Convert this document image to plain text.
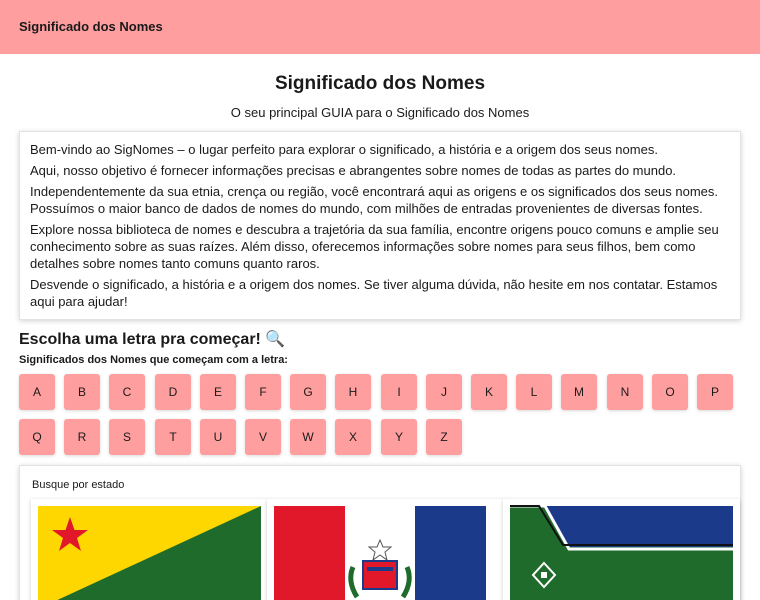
Significado dos Nomes
Significado dos Nomes
O seu principal GUIA para o Significado dos Nomes

Bem-vindo ao SigNomes – o lugar perfeito para explorar o significado, a história e a origem dos seus nomes.

Aqui, nosso objetivo é fornecer informações precisas e abrangentes sobre nomes de todas as partes do mundo.

Independentemente da sua etnia, crença ou região, você encontrará aqui as origens e os significados dos seus nomes. Possuímos o maior banco de dados de nomes do mundo, com milhões de entradas provenientes de diversas fontes.

Explore nossa biblioteca de nomes e descubra a trajetória da sua família, encontre origens pouco comuns e amplie seu conhecimento sobre as suas raízes. Além disso, oferecemos informações sobre nomes para seus filhos, bem como detalhes sobre nomes tanto comuns quanto raros.

Desvende o significado, a história e a origem dos nomes. Se tiver alguma dúvida, não hesite em nos contatar. Estamos aqui para ajudar!

Escolha uma letra pra começar! 🔍
Significados dos Nomes que começam com a letra:
A	B	C	D	E	F	G	H	I	J	K	L	M	N	O	P
Q	R	S	T	U	V	W	X	Y	Z
Busque por estado
